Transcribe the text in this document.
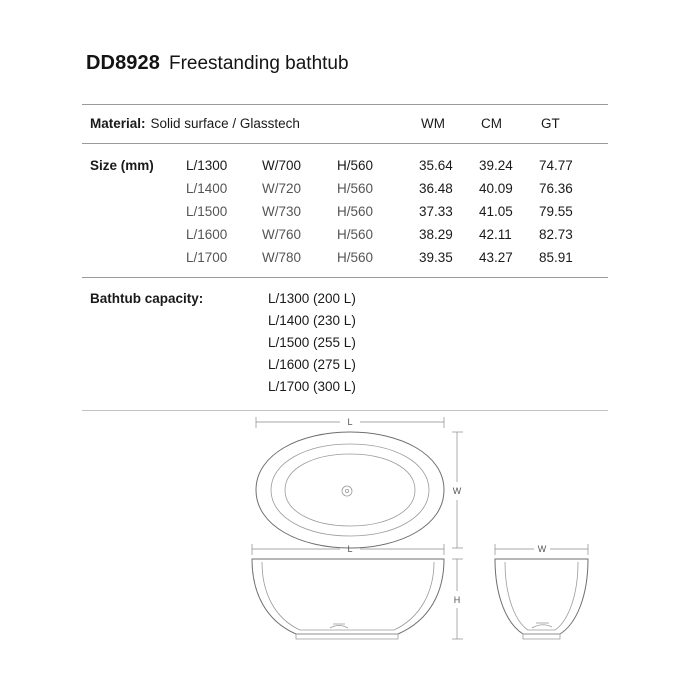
DD8928 Freestanding bathtub
Material: Solid surface / Glasstech	WM	CM	GT
Size (mm)	L/1300	W/700	H/560	35.64	39.24	74.77
L/1400	W/720	H/560	36.48	40.09	76.36
L/1500	W/730	H/560	37.33	41.05	79.55
L/1600	W/760	H/560	38.29	42.11	82.73
L/1700	W/780	H/560	39.35	43.27	85.91
Bathtub capacity:	L/1300 (200 L)
L/1400 (230 L)
L/1500 (255 L)
L/1600 (275 L)
L/1700 (300 L)
L
W
L
H
W
